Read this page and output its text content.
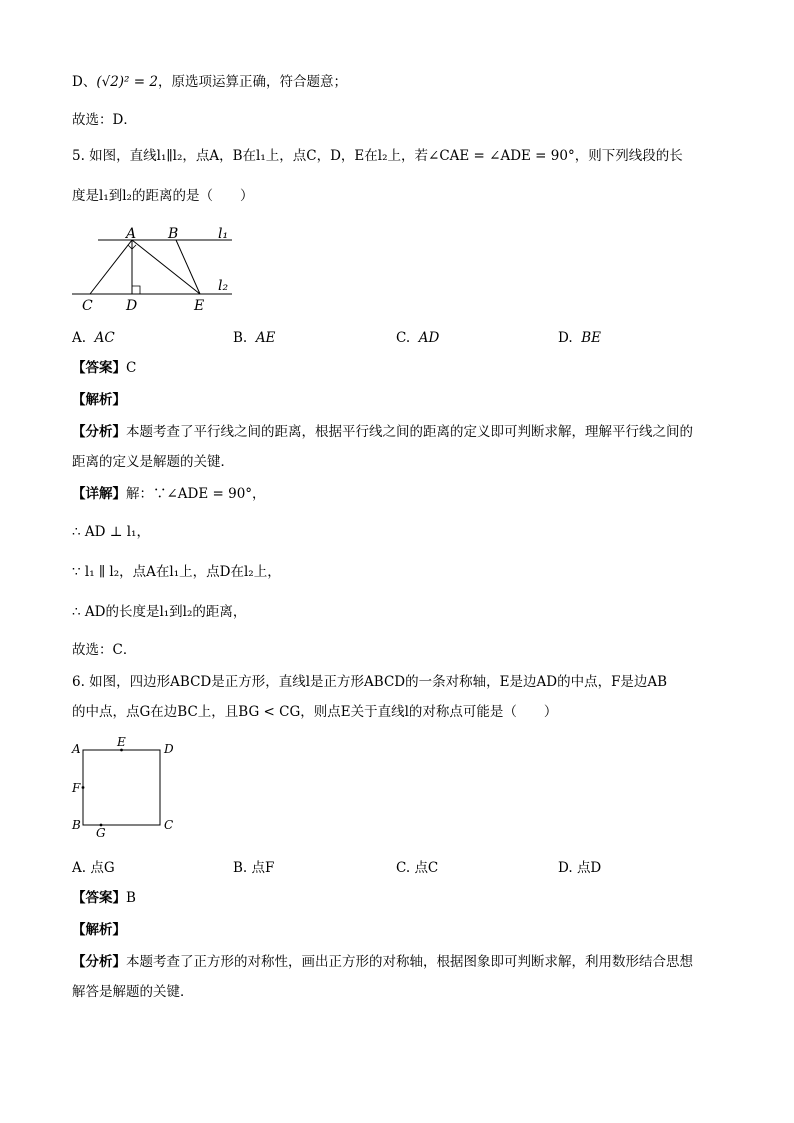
D、(√2)² = 2，原选项运算正确，符合题意；
故选：D．
5. 如图，直线l₁∥l₂，点A，B在l₁上，点C，D，E在l₂上，若∠CAE = ∠ADE = 90°，则下列线段的长
度是l₁到l₂的距离的是（　　）
A B	l₁
l₂
C D	E
A. AC	B. AE	C. AD	D. BE
【答案】C
【解析】
【分析】本题考查了平行线之间的距离，根据平行线之间的距离的定义即可判断求解，理解平行线之间的
距离的定义是解题的关键．
【详解】解：∵∠ADE = 90°，
∴ AD ⊥ l₁，
∵ l₁ ∥ l₂，点A在l₁上，点D在l₂上，
∴ AD的长度是l₁到l₂的距离，
故选：C．
6. 如图，四边形ABCD是正方形，直线l是正方形ABCD的一条对称轴，E是边AD的中点，F是边AB
的中点，点G在边BC上，且BG < CG，则点E关于直线l的对称点可能是（　　）
A	E	D
F
B
G
C
A. 点G	B. 点F	C. 点C	D. 点D
【答案】B
【解析】
【分析】本题考查了正方形的对称性，画出正方形的对称轴，根据图象即可判断求解，利用数形结合思想
解答是解题的关键．
